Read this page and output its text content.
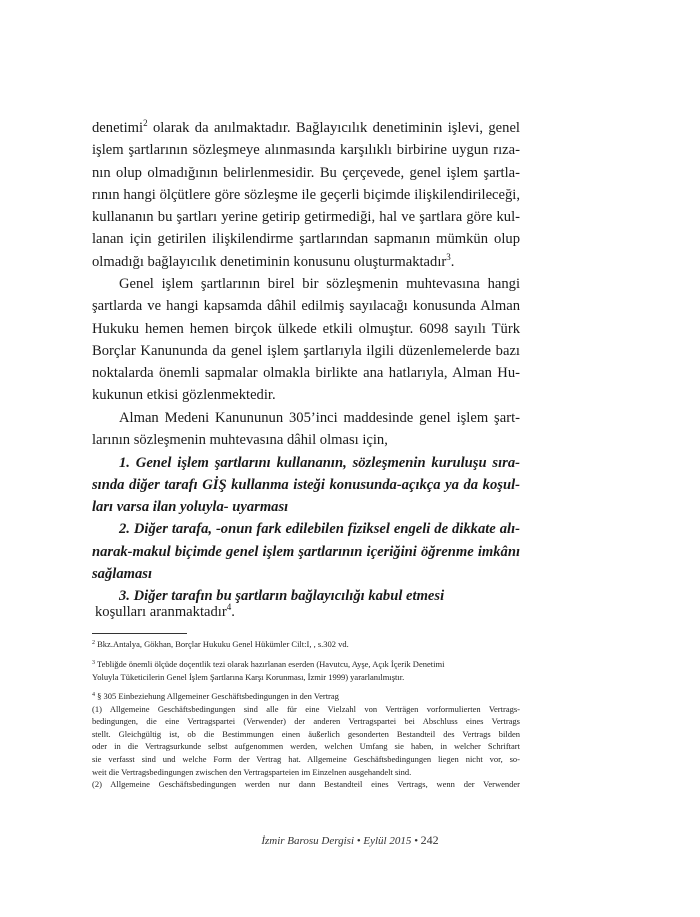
denetimi$^2$ olarak da anılmaktadır. Bağlayıcılık denetiminin işlevi, genel
işlem şartlarının sözleşmeye alınmasında karşılıklı birbirine uygun rıza-
nın olup olmadığının belirlenmesidir. Bu çerçevede, genel işlem şartla-
rının hangi ölçütlere göre sözleşme ile geçerli biçimde ilişkilendirileceği,
kullananın bu şartları yerine getirip getirmediği, hal ve şartlara göre kul-
lanan için getirilen ilişkilendirme şartlarından sapmanın mümkün olup
olmadığı bağlayıcılık denetiminin konusunu oluşturmaktadır$^3$.
Genel işlem şartlarının birel bir sözleşmenin muhtevasına hangi
şartlarda ve hangi kapsamda dâhil edilmiş sayılacağı konusunda Alman
Hukuku hemen hemen birçok ülkede etkili olmuştur. 6098 sayılı Türk
Borçlar Kanununda da genel işlem şartlarıyla ilgili düzenlemelerde bazı
noktalarda önemli sapmalar olmakla birlikte ana hatlarıyla, Alman Hu-
kukunun etkisi gözlenmektedir.
Alman Medeni Kanununun 305’inci maddesinde genel işlem şart-
larının sözleşmenin muhtevasına dâhil olması için,
1. Genel işlem şartlarını kullananın, sözleşmenin kuruluşu sıra-
sında diğer tarafı GİŞ kullanma isteği konusunda-açıkça ya da koşul-
ları varsa ilan yoluyla- uyarması
2. Diğer tarafa, -onun fark edilebilen fiziksel engeli de dikkate alı-
narak-makul biçimde genel işlem şartlarının içeriğini öğrenme imkânı
sağlaması
3. Diğer tarafın bu şartların bağlayıcılığı kabul etmesi
koşulları aranmaktadır$^4$.
$^2$ Bkz.Antalya, Gökhan, Borçlar Hukuku Genel Hükümler Cilt:I, , s.302 vd.
$^3$ Tebliğde önemli ölçüde doçentlik tezi olarak hazırlanan eserden (Havutcu, Ayşe, Açık İçerik Denetimi
Yoluyla Tüketicilerin Genel İşlem Şartlarına Karşı Korunması, İzmir 1999) yararlanılmıştır.
$^4$ § 305 Einbeziehung Allgemeiner Geschäftsbedingungen in den Vertrag
(1) Allgemeine Geschäftsbedingungen sind alle für eine Vielzahl von Verträgen vorformulierten Vertrags-
bedingungen, die eine Vertragspartei (Verwender) der anderen Vertragspartei bei Abschluss eines Vertrags
stellt. Gleichgültig ist, ob die Bestimmungen einen äußerlich gesonderten Bestandteil des Vertrags bilden
oder in die Vertragsurkunde selbst aufgenommen werden, welchen Umfang sie haben, in welcher Schriftart
sie verfasst sind und welche Form der Vertrag hat. Allgemeine Geschäftsbedingungen liegen nicht vor, so-
weit die Vertragsbedingungen zwischen den Vertragsparteien im Einzelnen ausgehandelt sind.
(2) Allgemeine Geschäftsbedingungen werden nur dann Bestandteil eines Vertrags, wenn der Verwender
İzmir Barosu Dergisi • Eylül 2015 • 242
